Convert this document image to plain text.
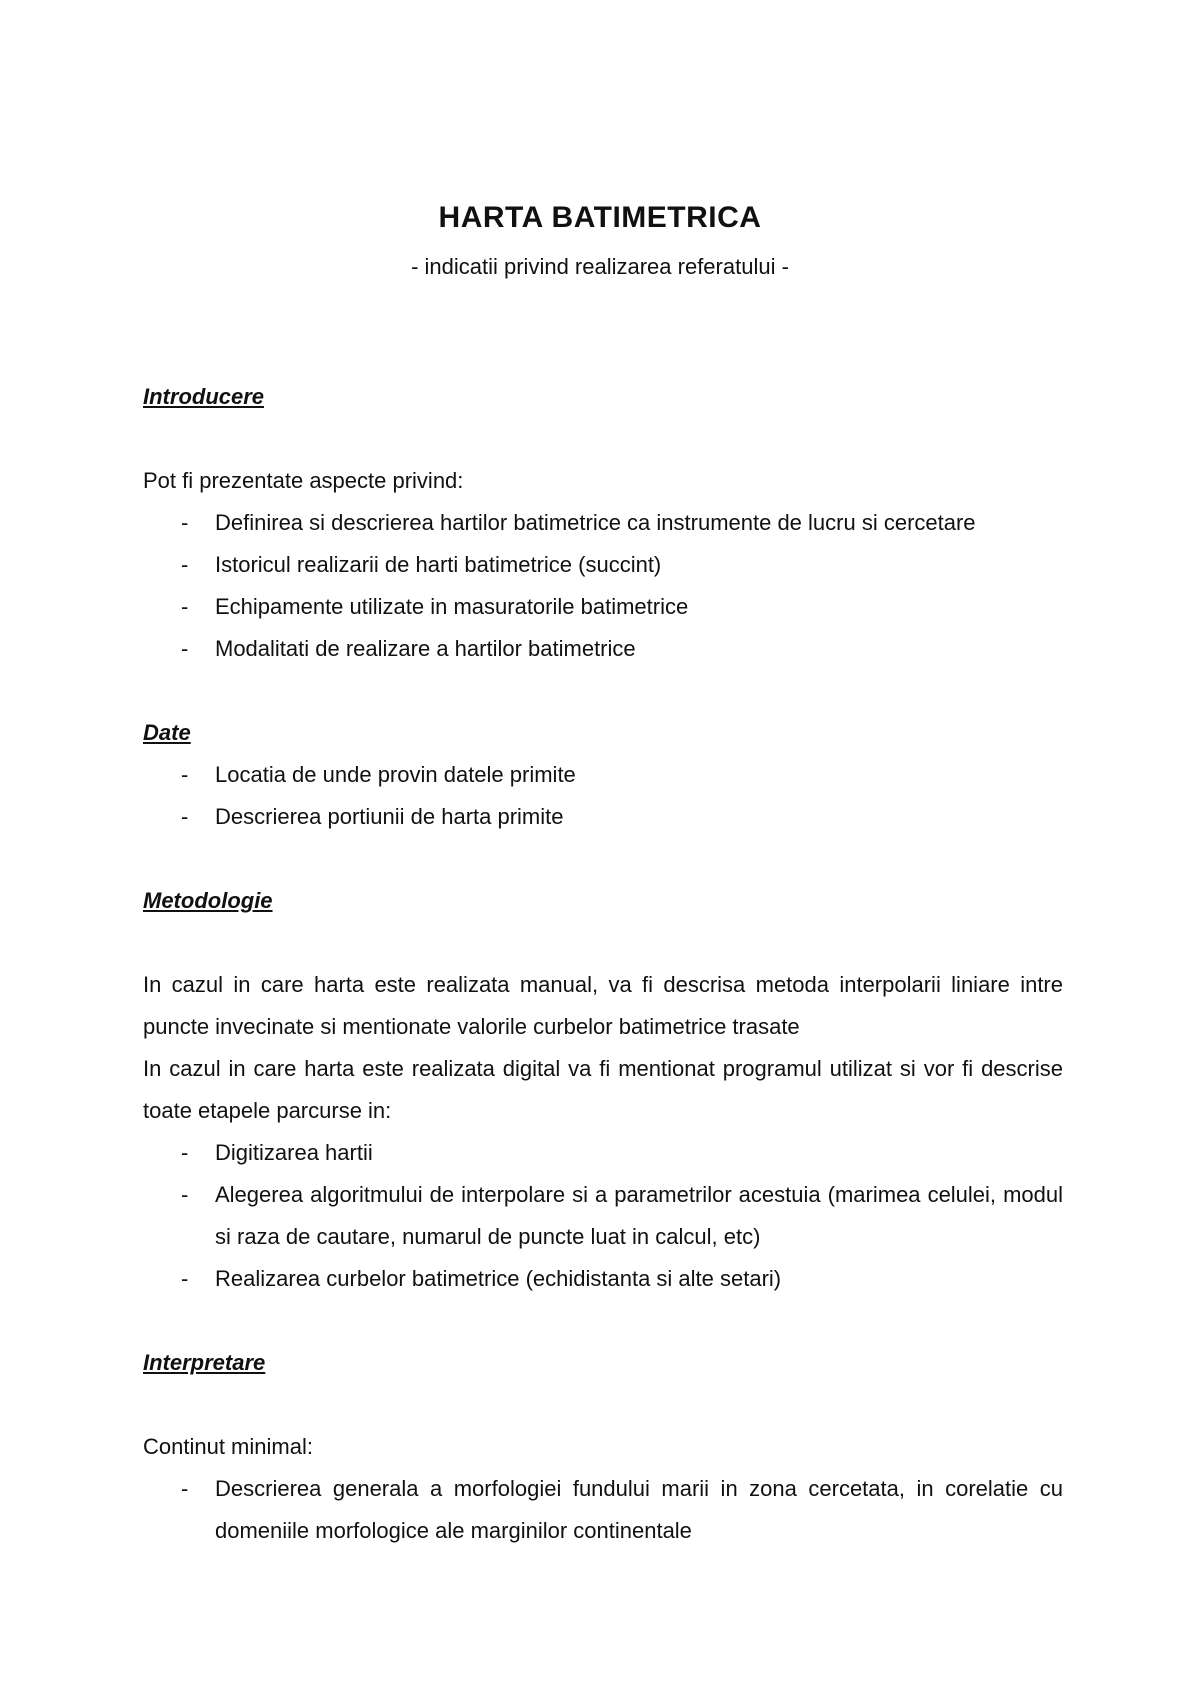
HARTA BATIMETRICA
- indicatii privind realizarea referatului -
Introducere
Pot fi prezentate aspecte privind:
- Definirea si descrierea hartilor batimetrice ca instrumente de lucru si cercetare
- Istoricul realizarii de harti batimetrice (succint)
- Echipamente utilizate in masuratorile batimetrice
- Modalitati de realizare a hartilor batimetrice
Date
- Locatia de unde provin datele primite
- Descrierea portiunii de harta primite
Metodologie

In cazul in care harta este realizata manual, va fi descrisa metoda interpolarii liniare intre puncte invecinate si mentionate valorile curbelor batimetrice trasate

In cazul in care harta este realizata digital va fi mentionat programul utilizat si vor fi descrise toate etapele parcurse in:

- Digitizarea hartii
- Alegerea algoritmului de interpolare si a parametrilor acestuia (marimea celulei, modul si raza de cautare, numarul de puncte luat in calcul, etc)
- Realizarea curbelor batimetrice (echidistanta si alte setari)
Interpretare
Continut minimal:
- Descrierea generala a morfologiei fundului marii in zona cercetata, in corelatie cu domeniile morfologice ale marginilor continentale
